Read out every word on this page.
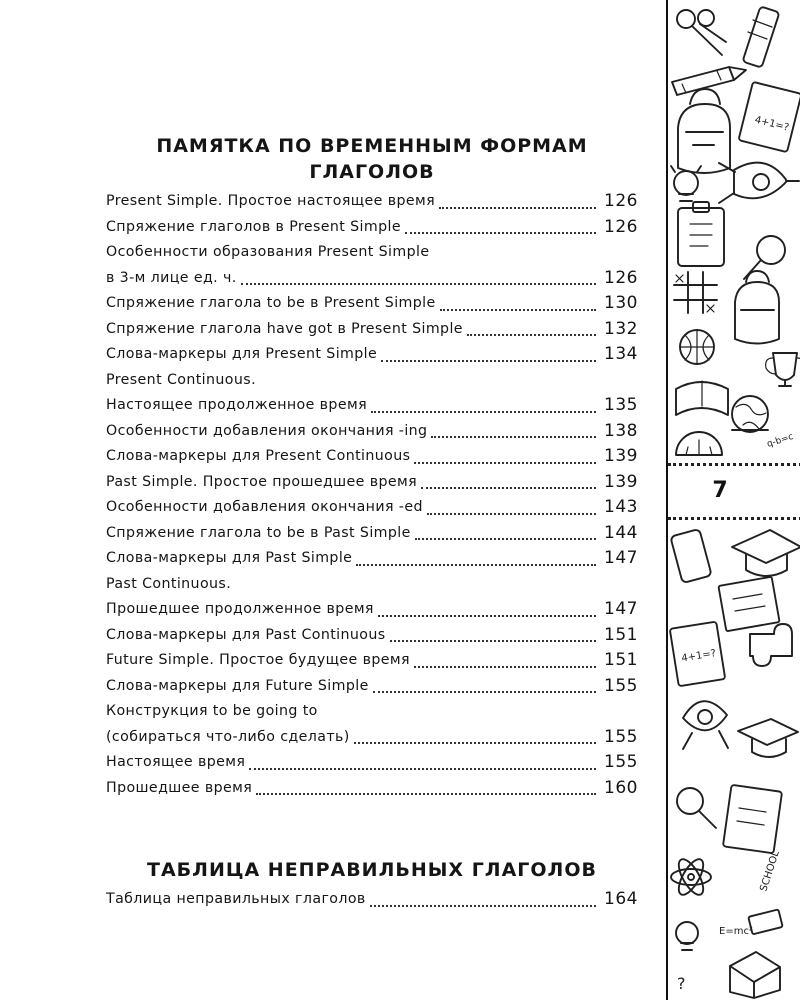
ПАМЯТКА ПО ВРЕМЕННЫМ ФОРМАМ
ГЛАГОЛОВ
Present Simple. Простое настоящее время	126
Спряжение глаголов в Present Simple	126
Особенности образования Present Simple
в 3-м лице ед. ч.	126
Спряжение глагола to be в Present Simple	130
Спряжение глагола have got в Present Simple	132
Слова-маркеры для Present Simple	134
Present Continuous.
Настоящее продолженное время	135
Особенности добавления окончания -ing	138
Слова-маркеры для Present Continuous	139
Past Simple. Простое прошедшее время	139
Особенности добавления окончания -ed	143
Спряжение глагола to be в Past Simple	144
Слова-маркеры для Past Simple	147
Past Continuous.
Прошедшее продолженное время	147
Слова-маркеры для Past Continuous	151
Future Simple. Простое будущее время	151
Слова-маркеры для Future Simple	155
Конструкция to be going to
(собираться что-либо сделать)	155
Настоящее время	155
Прошедшее время	160
ТАБЛИЦА НЕПРАВИЛЬНЫХ ГЛАГОЛОВ
Таблица неправильных глаголов	164
4+1=?
q-b=c
7
4+1=?
SCHOOL
E=mc²
?
